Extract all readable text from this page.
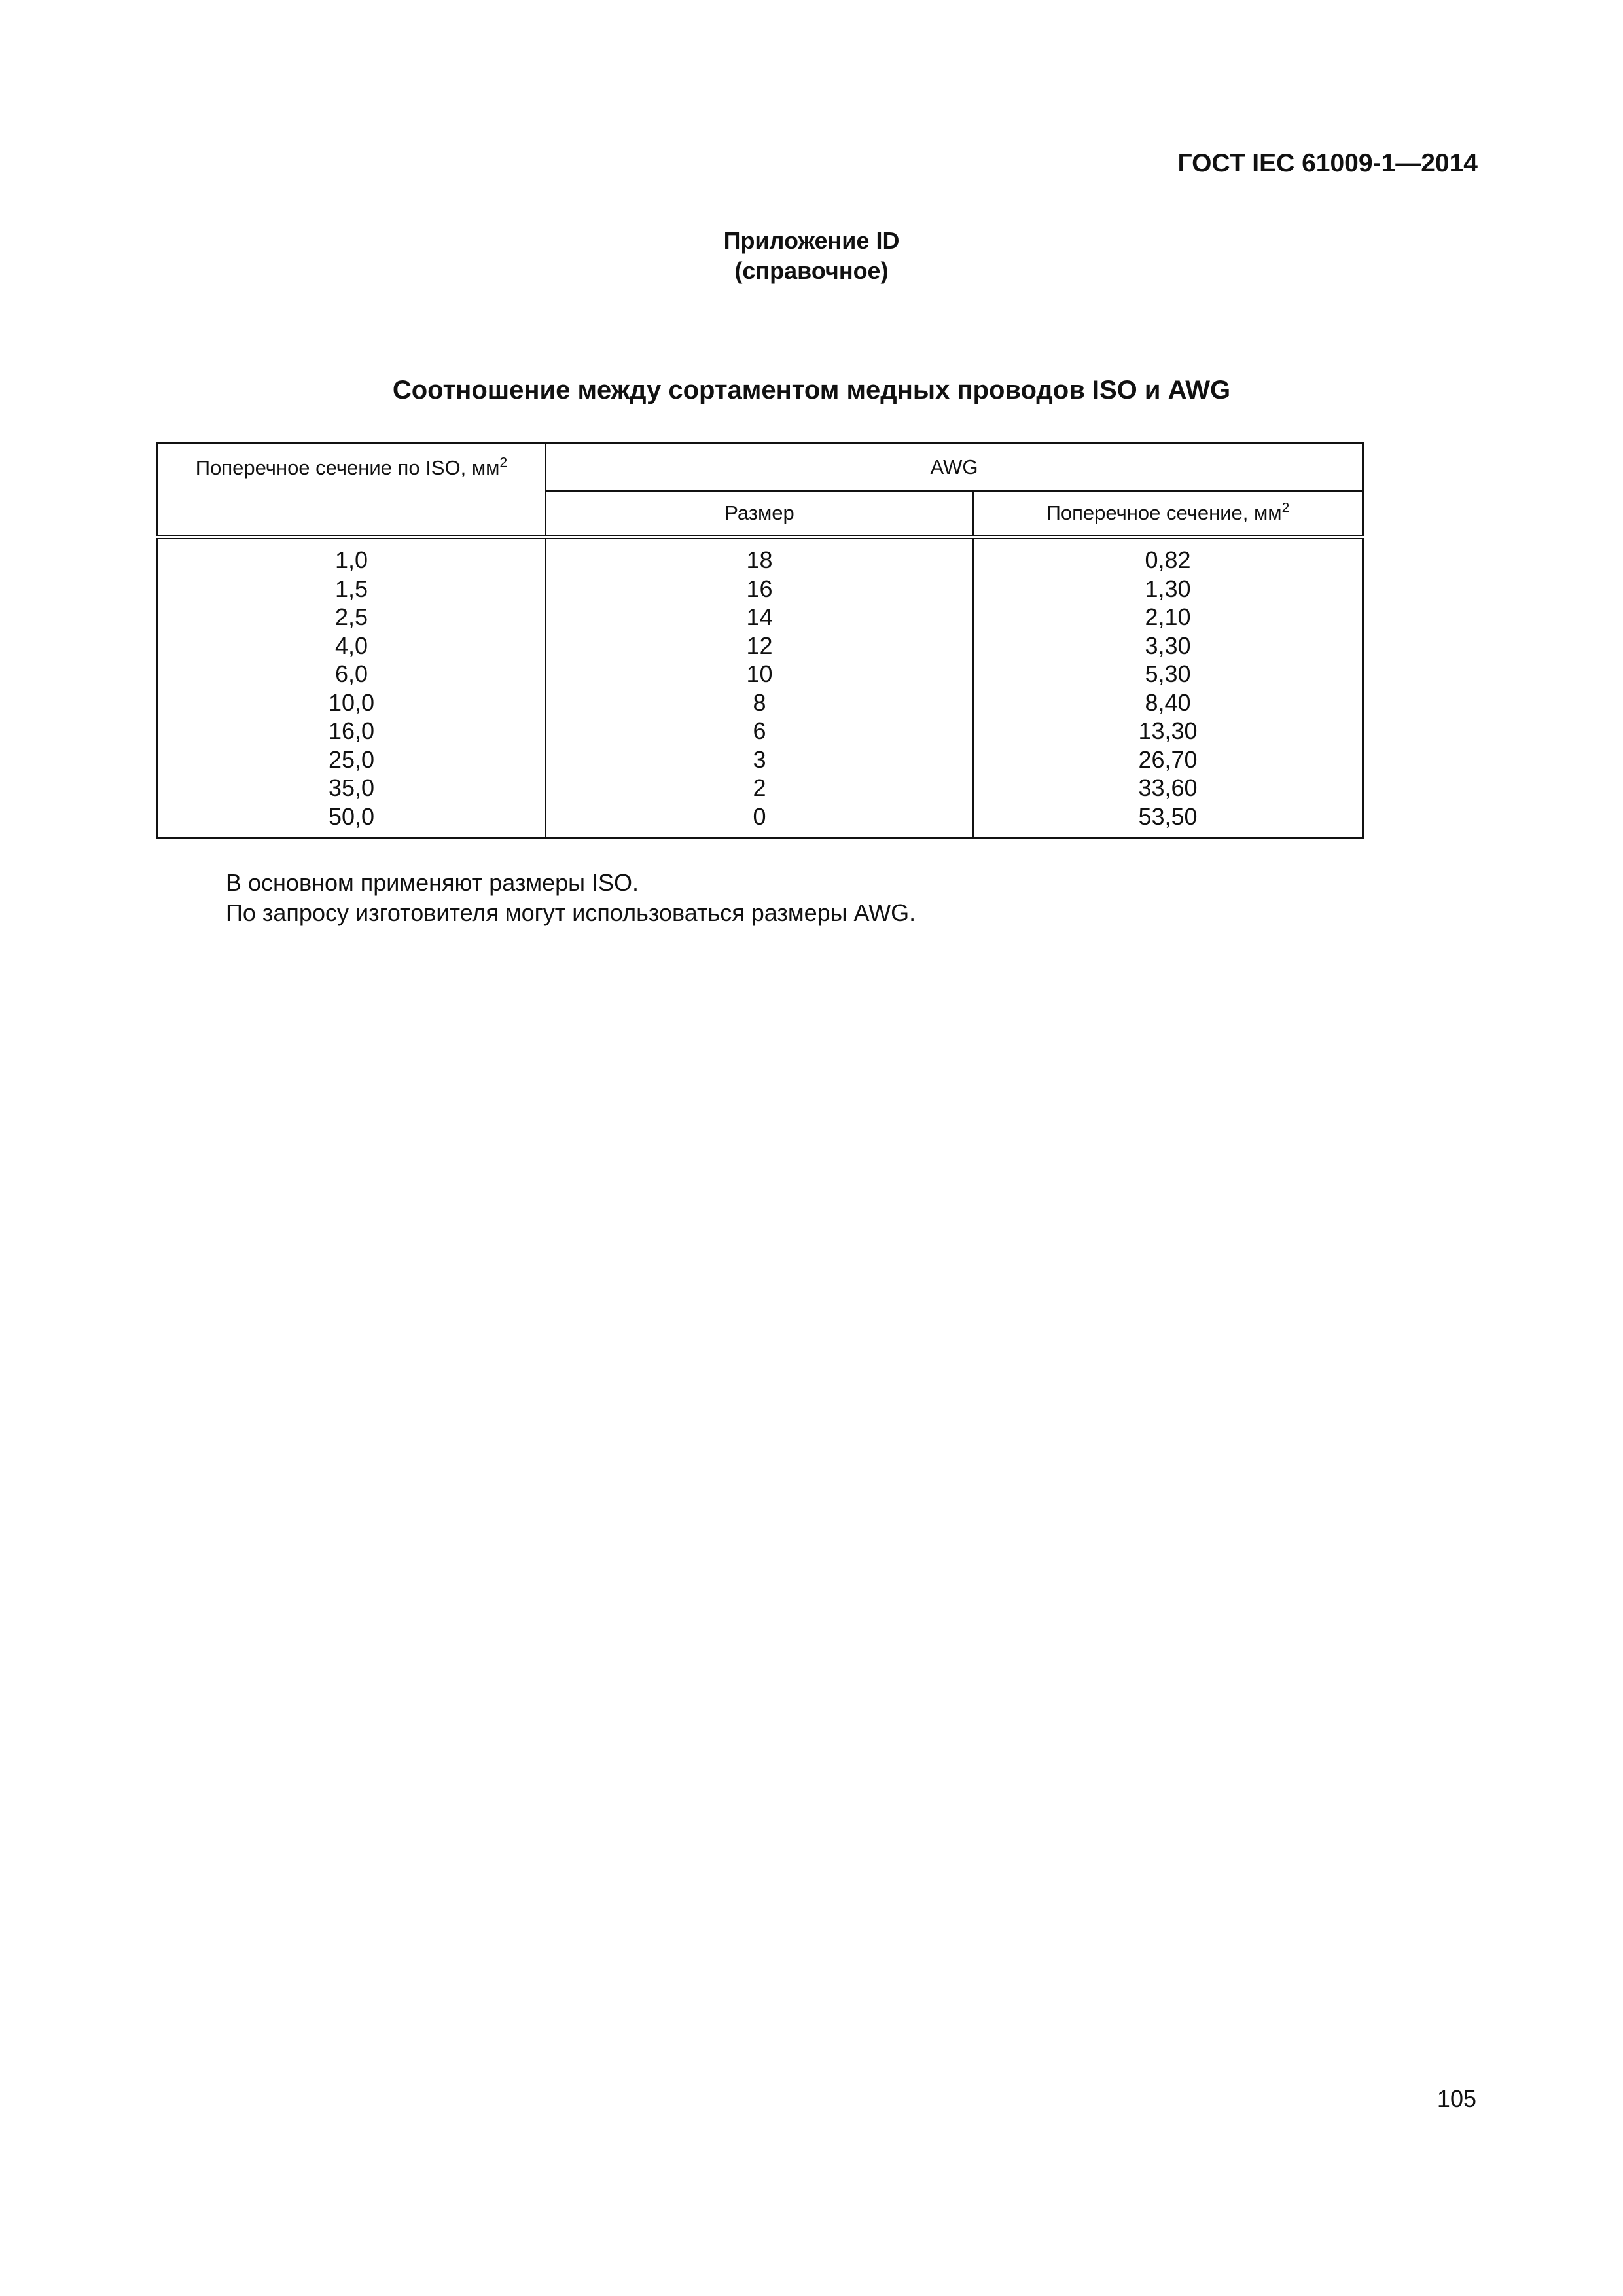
ГОСТ IEC 61009-1—2014

Приложение ID
(справочное)

Соотношение между сортаментом медных проводов ISO и AWG

Поперечное сечение по ISO, $мм^2$	AWG	
	Размер	Поперечное сечение, $мм^2$

1,0	18	0,82
1,5	16	1,30
2,5	14	2,10
4,0	12	3,30
6,0	10	5,30
10,0	8	8,40
16,0	6	13,30
25,0	3	26,70
35,0	2	33,60
50,0	0	53,50

В основном применяют размеры ISO.

По запросу изготовителя могут использоваться размеры AWG.

105
